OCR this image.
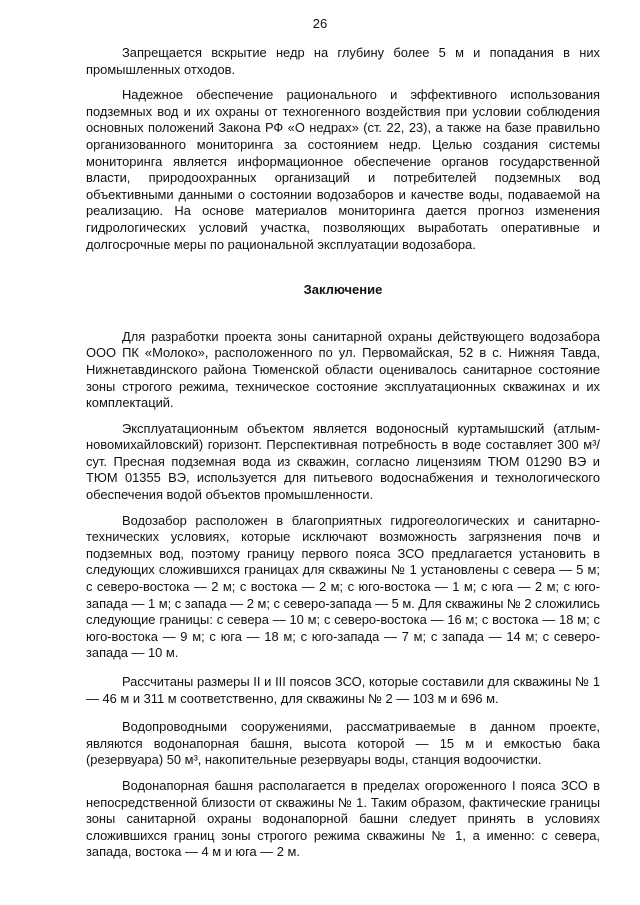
26

Запрещается вскрытие недр на глубину более 5 м и попадания в них промышленных отходов.

Надежное обеспечение рационального и эффективного использования подземных вод и их охраны от техногенного воздействия при условии соблюдения основных положений Закона РФ «О недрах» (ст. 22, 23), а также на базе правильно организованного мониторинга за состоянием недр. Целью создания системы мониторинга является информационное обеспечение органов государственной власти, природоохранных организаций и потребителей подземных вод объективными данными о состоянии водозаборов и качестве воды, подаваемой на реализацию. На основе материалов мониторинга дается прогноз изменения гидрологических условий участка, позволяющих выработать оперативные и долгосрочные меры по рациональной эксплуатации водозабора.

Заключение

Для разработки проекта зоны санитарной охраны действующего водозабора ООО ПК «Молоко», расположенного по ул. Первомайская, 52 в с. Нижняя Тавда, Нижнетавдинского района Тюменской области оценивалось санитарное состояние зоны строгого режима, техническое состояние эксплуатационных скважинах и их комплектаций.

Эксплуатационным объектом является водоносный куртамышский (атлым-новомихайловский) горизонт. Перспективная потребность в воде составляет 300 м³/сут. Пресная подземная вода из скважин, согласно лицензиям ТЮМ 01290 ВЭ и ТЮМ 01355 ВЭ, используется для питьевого водоснабжения и технологического обеспечения водой объектов промышленности.

Водозабор расположен в благоприятных гидрогеологических и санитарно-технических условиях, которые исключают возможность загрязнения почв и подземных вод, поэтому границу первого пояса ЗСО предлагается установить в следующих сложившихся границах для скважины № 1 установлены с севера — 5 м; с северо-востока — 2 м; с востока — 2 м; с юго-востока — 1 м; с юга — 2 м; с юго-запада — 1 м; с запада — 2 м; с северо-запада — 5 м. Для скважины № 2 сложились следующие границы: с севера — 10 м; с северо-востока — 16 м; с востока — 18 м; с юго-востока — 9 м; с юга — 18 м; с юго-запада — 7 м; с запада — 14 м; с северо-запада — 10 м.

Рассчитаны размеры II и III поясов ЗСО, которые составили для скважины № 1 — 46 м и 311 м соответственно, для скважины № 2 — 103 м и 696 м.

Водопроводными сооружениями, рассматриваемые в данном проекте, являются водонапорная башня, высота которой — 15 м и емкостью бака (резервуара) 50 м³, накопительные резервуары воды, станция водоочистки.

Водонапорная башня располагается в пределах огороженного I пояса ЗСО в непосредственной близости от скважины № 1. Таким образом, фактические границы зоны санитарной охраны водонапорной башни следует принять в условиях сложившихся границ зоны строгого режима скважины № 1, а именно: с севера, запада, востока — 4 м и юга — 2 м.
